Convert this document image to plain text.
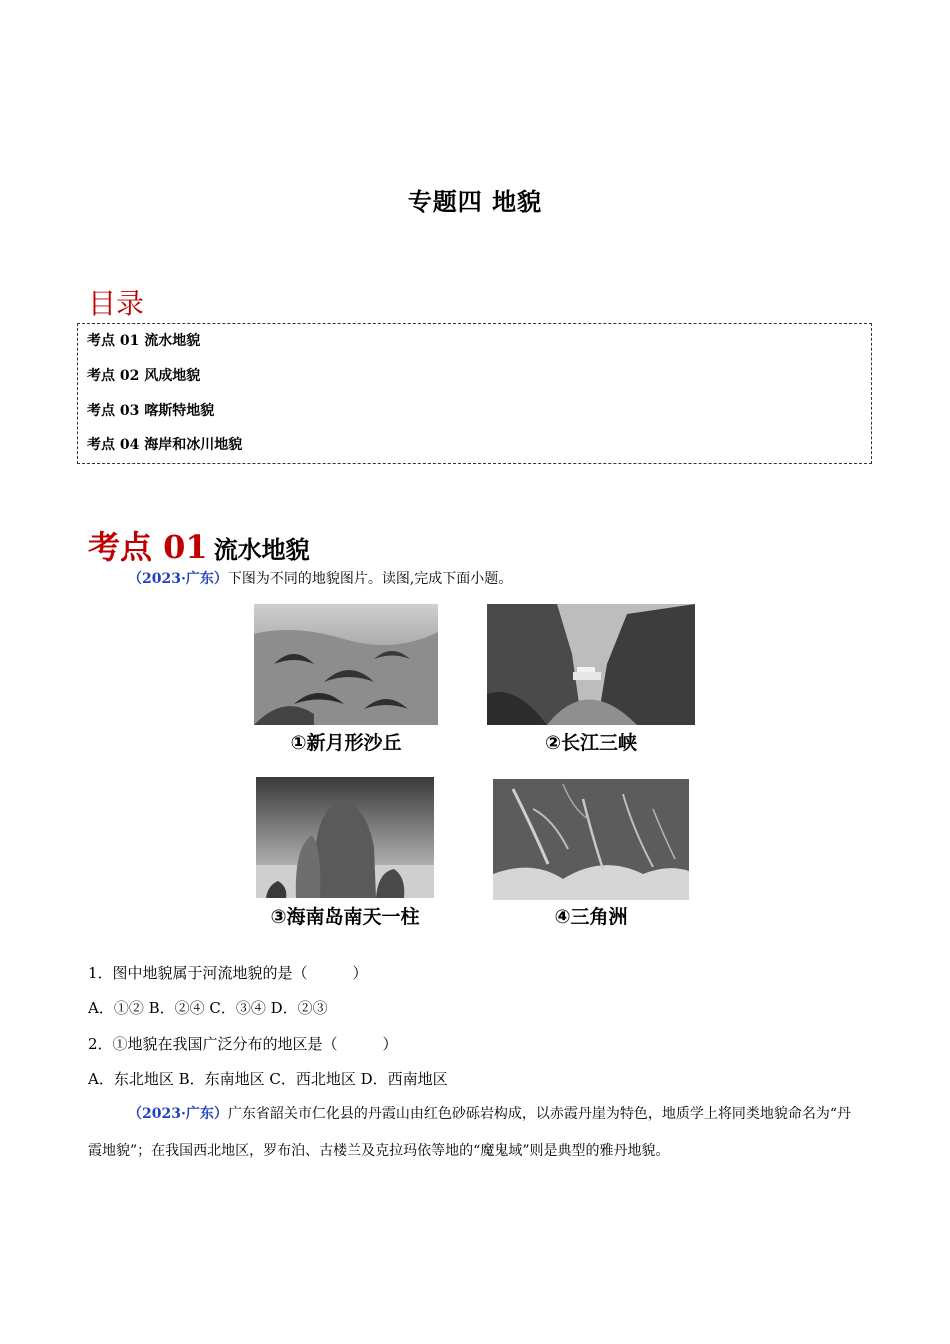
专题四 地貌
目录
考点 01 流水地貌
考点 02 风成地貌
考点 03 喀斯特地貌
考点 04 海岸和冰川地貌
考点 01 流水地貌
（2023·广东）下图为不同的地貌图片。读图,完成下面小题。
①新月形沙丘	②长江三峡
③海南岛南天一柱	④三角洲
1．图中地貌属于河流地貌的是（　　　）
A．①② B．②④ C．③④ D．②③
2．①地貌在我国广泛分布的地区是（　　　）
A．东北地区 B．东南地区 C．西北地区 D．西南地区
（2023·广东）广东省韶关市仁化县的丹霞山由红色砂砾岩构成，以赤霞丹崖为特色，地质学上将同类地貌命名为“丹霞地貌”；在我国西北地区，罗布泊、古楼兰及克拉玛依等地的“魔鬼域”则是典型的雅丹地貌。
